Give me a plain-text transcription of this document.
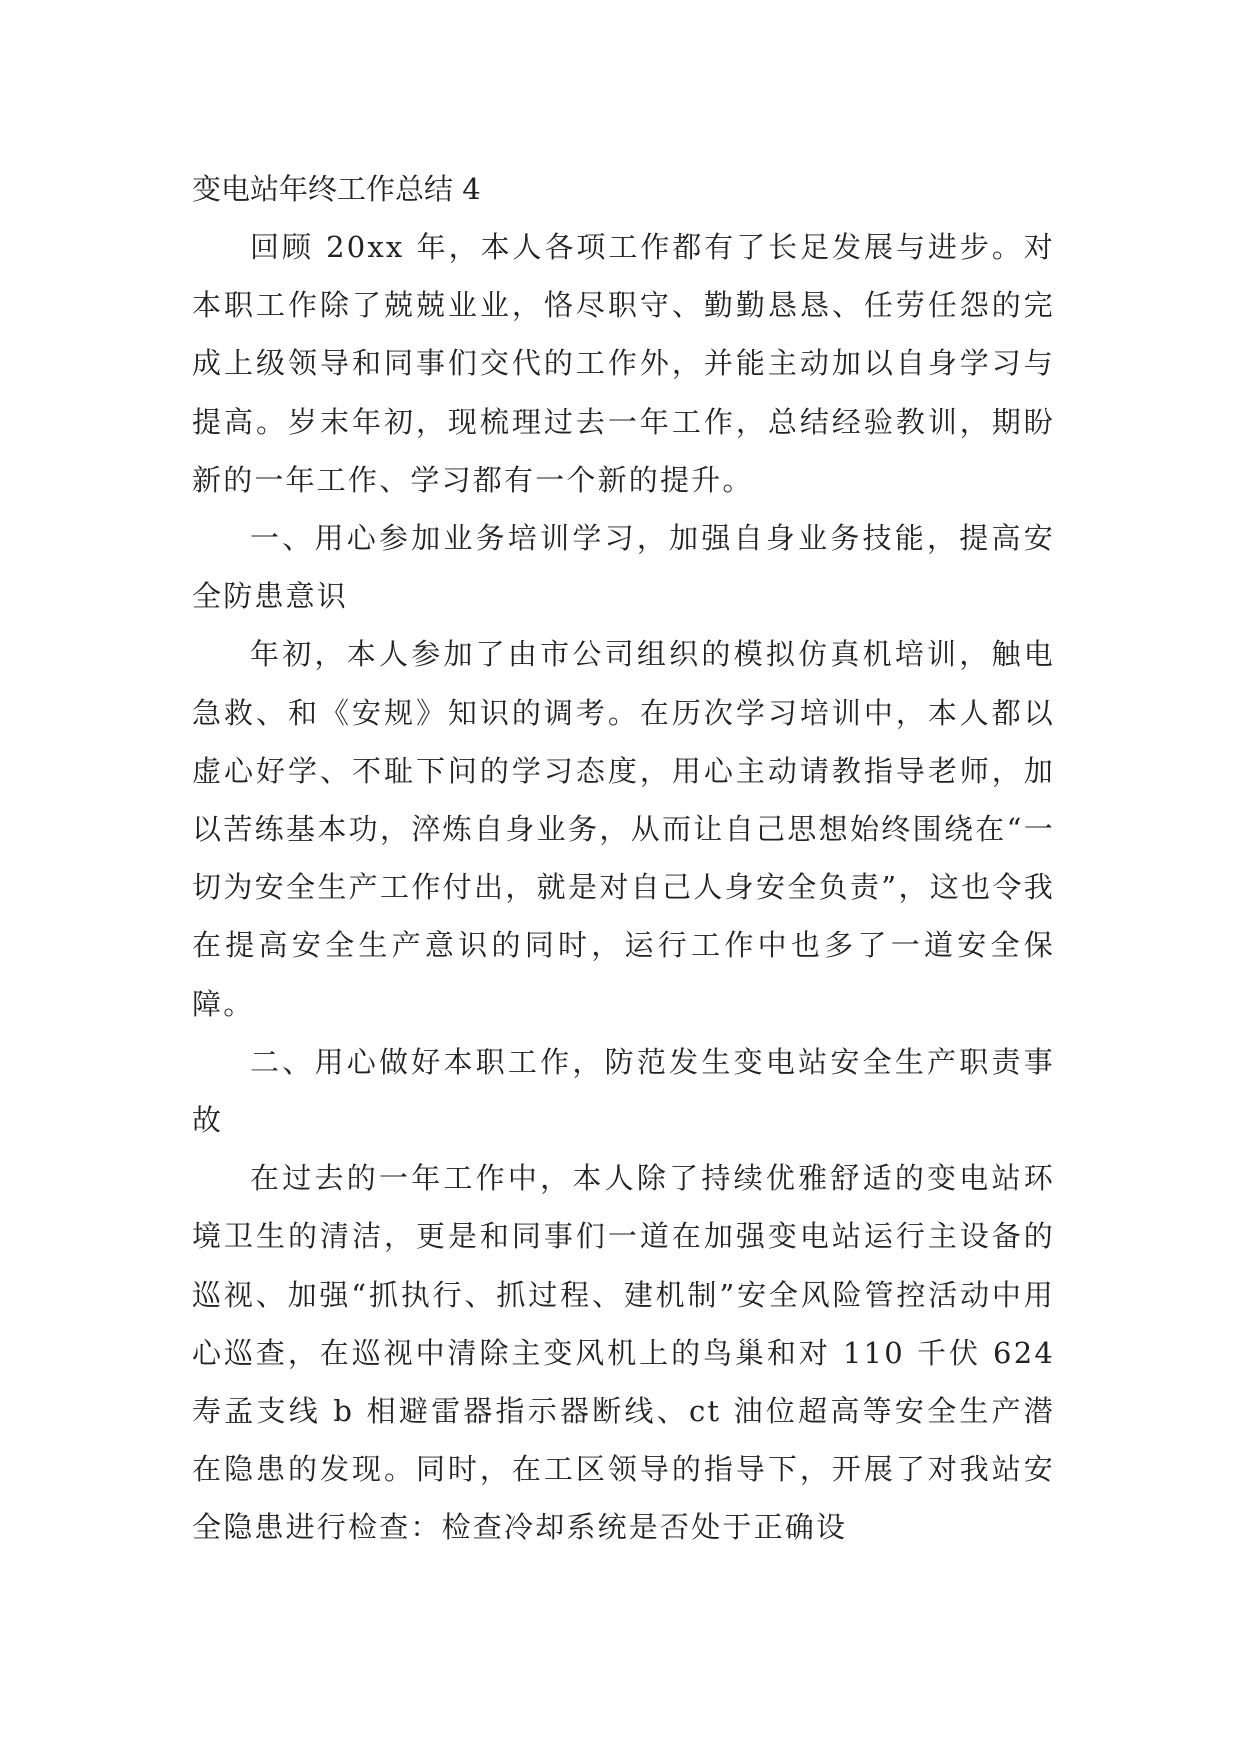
变电站年终工作总结 4

回顾 20xx 年，本人各项工作都有了长足发展与进步。对本职工作除了兢兢业业，恪尽职守、勤勤恳恳、任劳任怨的完成上级领导和同事们交代的工作外，并能主动加以自身学习与提高。岁末年初，现梳理过去一年工作，总结经验教训，期盼新的一年工作、学习都有一个新的提升。

一、用心参加业务培训学习，加强自身业务技能，提高安全防患意识

年初，本人参加了由市公司组织的模拟仿真机培训，触电急救、和《安规》知识的调考。在历次学习培训中，本人都以虚心好学、不耻下问的学习态度，用心主动请教指导老师，加以苦练基本功，淬炼自身业务，从而让自己思想始终围绕在“一切为安全生产工作付出，就是对自己人身安全负责”，这也令我在提高安全生产意识的同时，运行工作中也多了一道安全保障。

二、用心做好本职工作，防范发生变电站安全生产职责事故

在过去的一年工作中，本人除了持续优雅舒适的变电站环境卫生的清洁，更是和同事们一道在加强变电站运行主设备的巡视、加强“抓执行、抓过程、建机制”安全风险管控活动中用心巡查，在巡视中清除主变风机上的鸟巢和对 110 千伏 624 寿孟支线 b 相避雷器指示器断线、ct 油位超高等安全生产潜在隐患的发现。同时，在工区领导的指导下，开展了对我站安全隐患进行检查：检查冷却系统是否处于正确设
